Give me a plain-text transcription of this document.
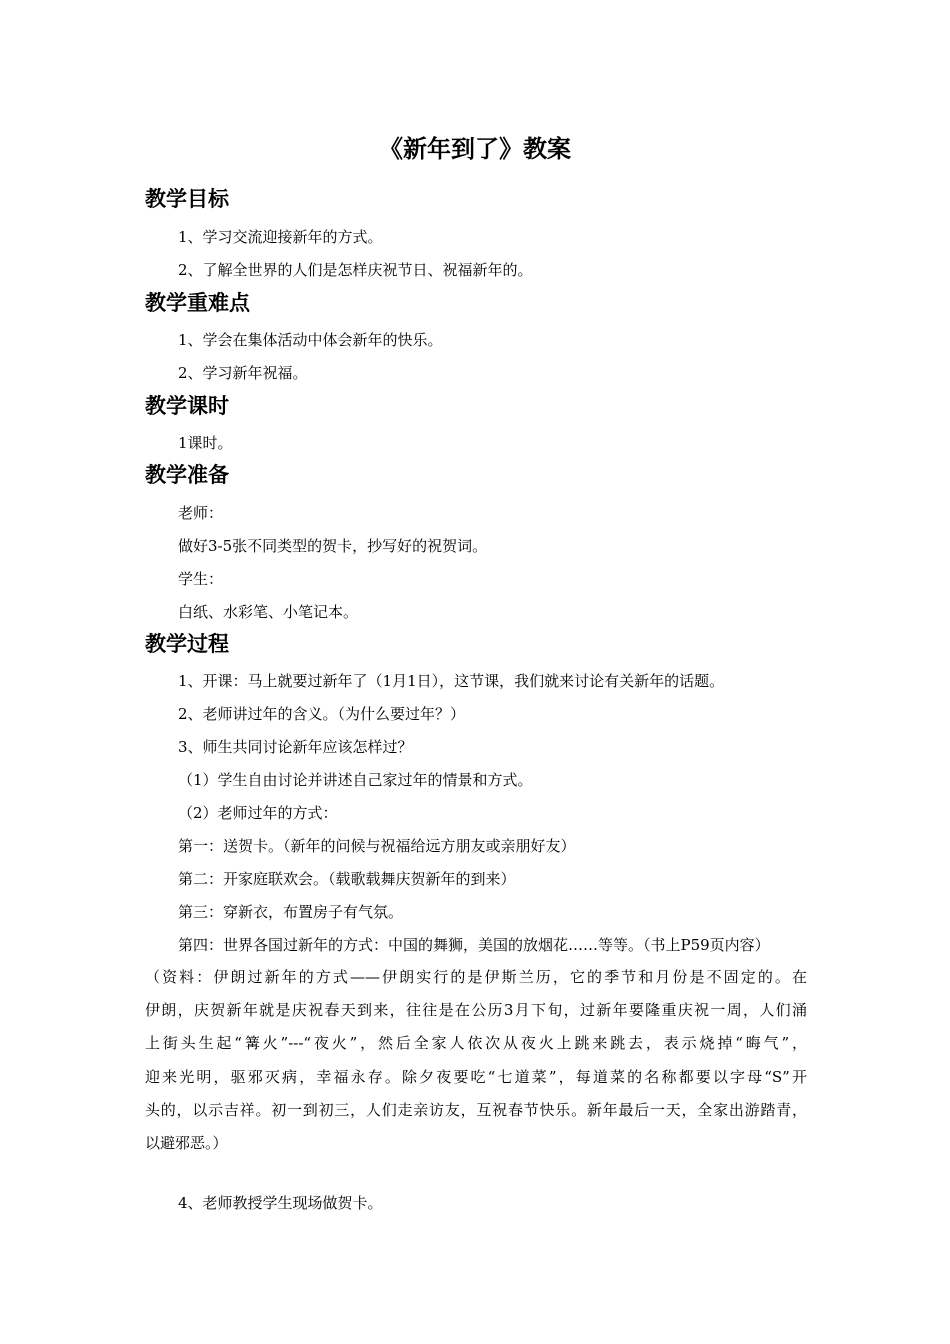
《新年到了》教案
教学目标
1、学习交流迎接新年的方式。
2、了解全世界的人们是怎样庆祝节日、祝福新年的。
教学重难点
1、学会在集体活动中体会新年的快乐。
2、学习新年祝福。
教学课时
1课时。
教学准备
老师：
做好3-5张不同类型的贺卡，抄写好的祝贺词。
学生：
白纸、水彩笔、小笔记本。
教学过程
1、开课：马上就要过新年了（1月1日），这节课，我们就来讨论有关新年的话题。
2、老师讲过年的含义。（为什么要过年？）
3、师生共同讨论新年应该怎样过？
（1）学生自由讨论并讲述自己家过年的情景和方式。
（2）老师过年的方式：
第一：送贺卡。（新年的问候与祝福给远方朋友或亲朋好友）
第二：开家庭联欢会。（载歌载舞庆贺新年的到来）
第三：穿新衣，布置房子有气氛。
第四：世界各国过新年的方式：中国的舞狮，美国的放烟花……等等。（书上P59页内容）
（资料：伊朗过新年的方式——伊朗实行的是伊斯兰历，它的季节和月份是不固定的。在
伊朗，庆贺新年就是庆祝春天到来，往往是在公历3月下旬，过新年要隆重庆祝一周，人们涌
上街头生起“篝火”---“夜火”，然后全家人依次从夜火上跳来跳去，表示烧掉“晦气”，
迎来光明，驱邪灭病，幸福永存。除夕夜要吃“七道菜”，每道菜的名称都要以字母“S”开
头的，以示吉祥。初一到初三，人们走亲访友，互祝春节快乐。新年最后一天，全家出游踏青，
以避邪恶。）
4、老师教授学生现场做贺卡。
